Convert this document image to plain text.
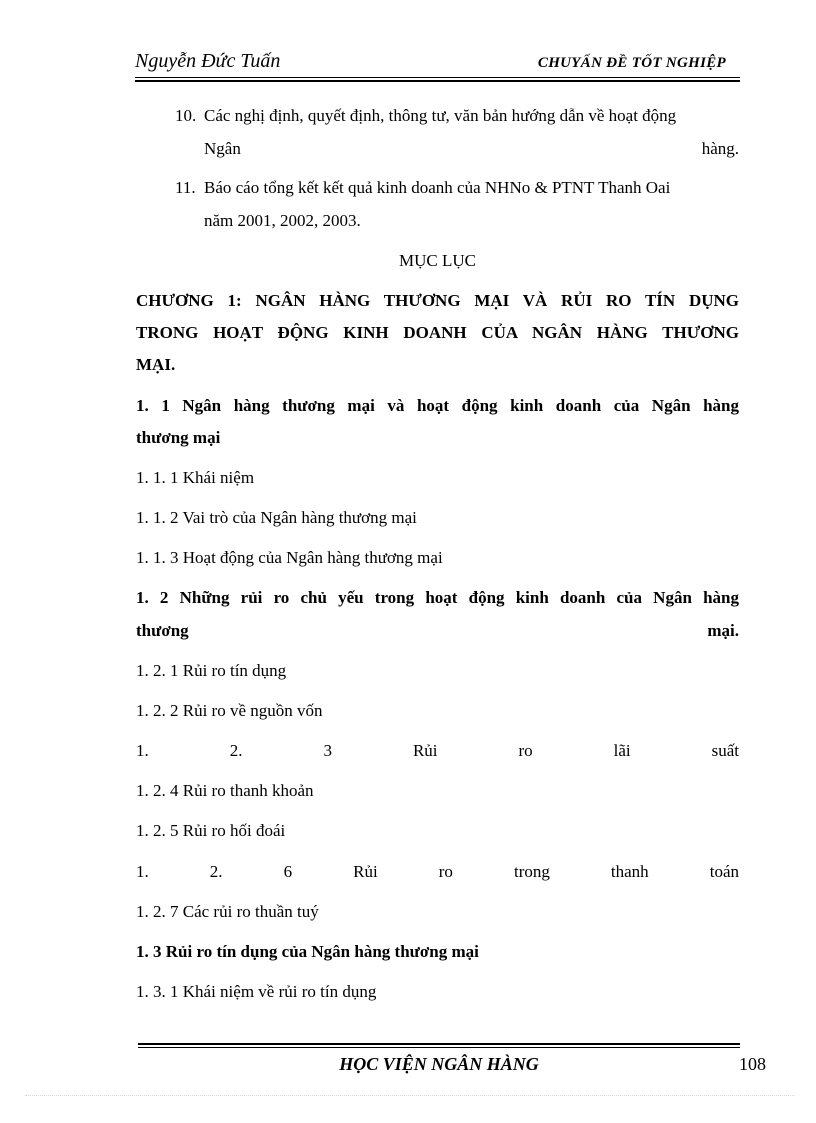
Nguyễn Đức Tuấn	CHUYẤN ĐỀ TỐT NGHIỆP
10. Các nghị định, quyết định, thông tư, văn bản hướng dẫn về hoạt động
Ngân	hàng.
11. Báo cáo tổng kết kết quả kinh doanh của NHNo & PTNT Thanh Oai
năm 2001, 2002, 2003.
MỤC LỤC
CHƯƠNG 1: NGÂN HÀNG THƯƠNG MẠI VÀ RỦI RO TÍN DỤNG
TRONG HOẠT ĐỘNG KINH DOANH CỦA NGÂN HÀNG THƯƠNG
MẠI.
1. 1 Ngân hàng thương mại và hoạt động kinh doanh của Ngân hàng
thương mại
1. 1. 1 Khái niệm
1. 1. 2 Vai trò của Ngân hàng thương mại
1. 1. 3 Hoạt động của Ngân hàng thương mại
1. 2 Những rủi ro chủ yếu trong hoạt động kinh doanh của Ngân hàng
thương	mại.
1. 2. 1 Rủi ro tín dụng
1. 2. 2 Rủi ro về nguồn vốn
1.	2.	3	Rủi	ro	lãi	suất
1. 2. 4 Rủi ro thanh khoản
1. 2. 5 Rủi ro hối đoái
1.	2.	6	Rủi	ro	trong	thanh	toán
1. 2. 7 Các rủi ro thuần tuý
1. 3 Rủi ro tín dụng của Ngân hàng thương mại
1. 3. 1 Khái niệm về rủi ro tín dụng
HỌC VIỆN NGÂN HÀNG	108
